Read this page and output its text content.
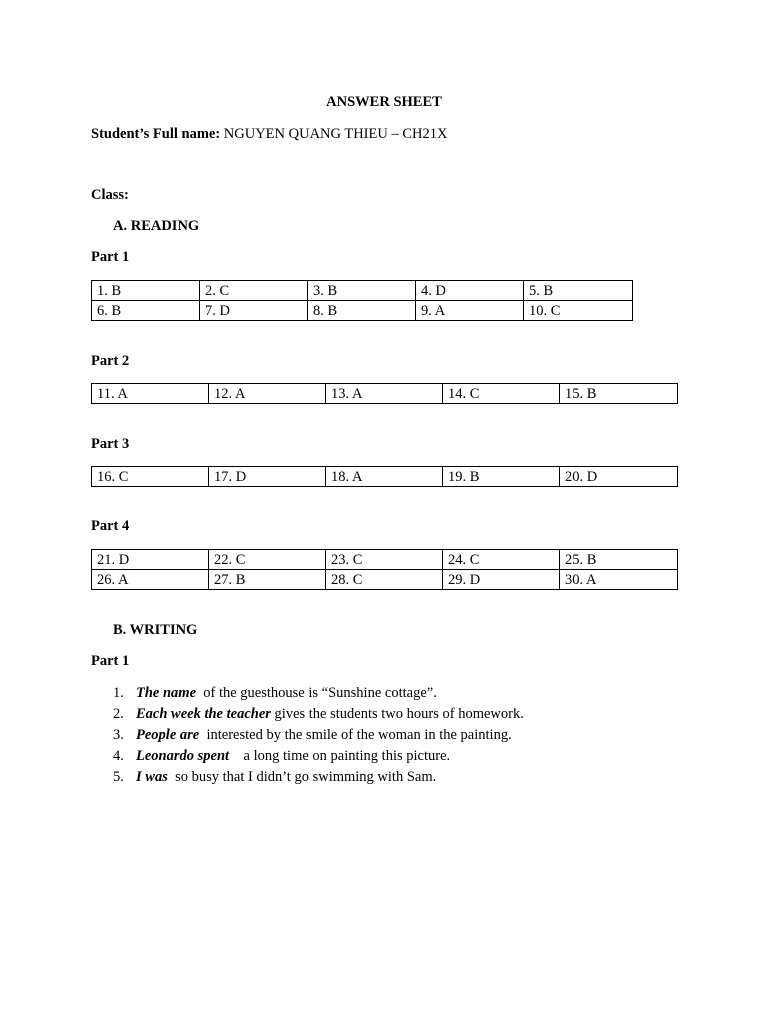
ANSWER SHEET
Student’s Full name: NGUYEN QUANG THIEU – CH21X
Class:
A. READING
Part 1
1. B	2. C	3. B	4. D	5. B
6. B	7. D	8. B	9. A	10. C
Part 2
11. A	12. A	13. A	14. C	15. B
Part 3
16. C	17. D	18. A	19. B	20. D
Part 4
21. D	22. C	23. C	24. C	25. B
26. A	27. B	28. C	29. D	30. A
B. WRITING
Part 1
1. The name  of the guesthouse is “Sunshine cottage”.
2. Each week the teacher gives the students two hours of homework.
3. People are  interested by the smile of the woman in the painting.
4. Leonardo spent    a long time on painting this picture.
5. I was  so busy that I didn’t go swimming with Sam.
